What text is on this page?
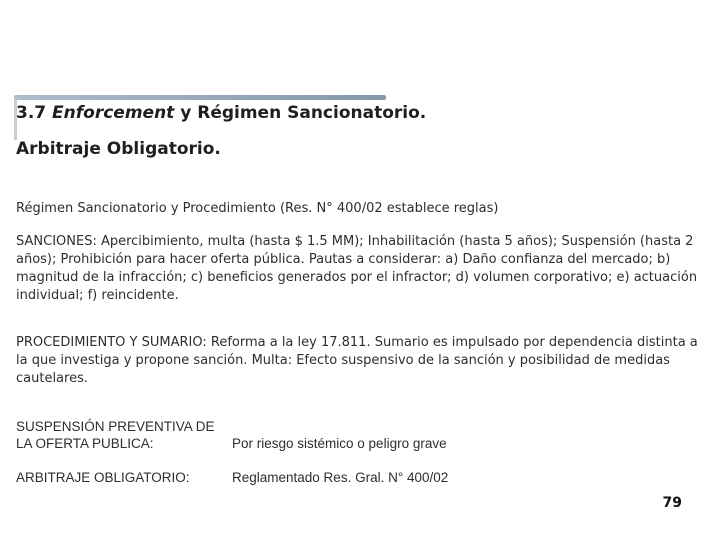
3.7 Enforcement y Régimen Sancionatorio.
Arbitraje Obligatorio.

Régimen Sancionatorio y Procedimiento (Res. N° 400/02 establece reglas)

SANCIONES: Apercibimiento, multa (hasta $ 1.5 MM); Inhabilitación (hasta 5 años); Suspensión (hasta 2 años); Prohibición para hacer oferta pública. Pautas a considerar: a) Daño confianza del mercado; b) magnitud de la infracción; c) beneficios generados por el infractor; d) volumen corporativo; e) actuación individual; f) reincidente.

PROCEDIMIENTO Y SUMARIO: Reforma a la ley 17.811. Sumario es impulsado por dependencia distinta a la que investiga y propone sanción. Multa: Efecto suspensivo de la sanción y posibilidad de medidas cautelares.

SUSPENSIÓN PREVENTIVA DE LA OFERTA PUBLICA:	Por riesgo sistémico o peligro grave
ARBITRAJE OBLIGATORIO:	Reglamentado Res. Gral. N° 400/02
79
